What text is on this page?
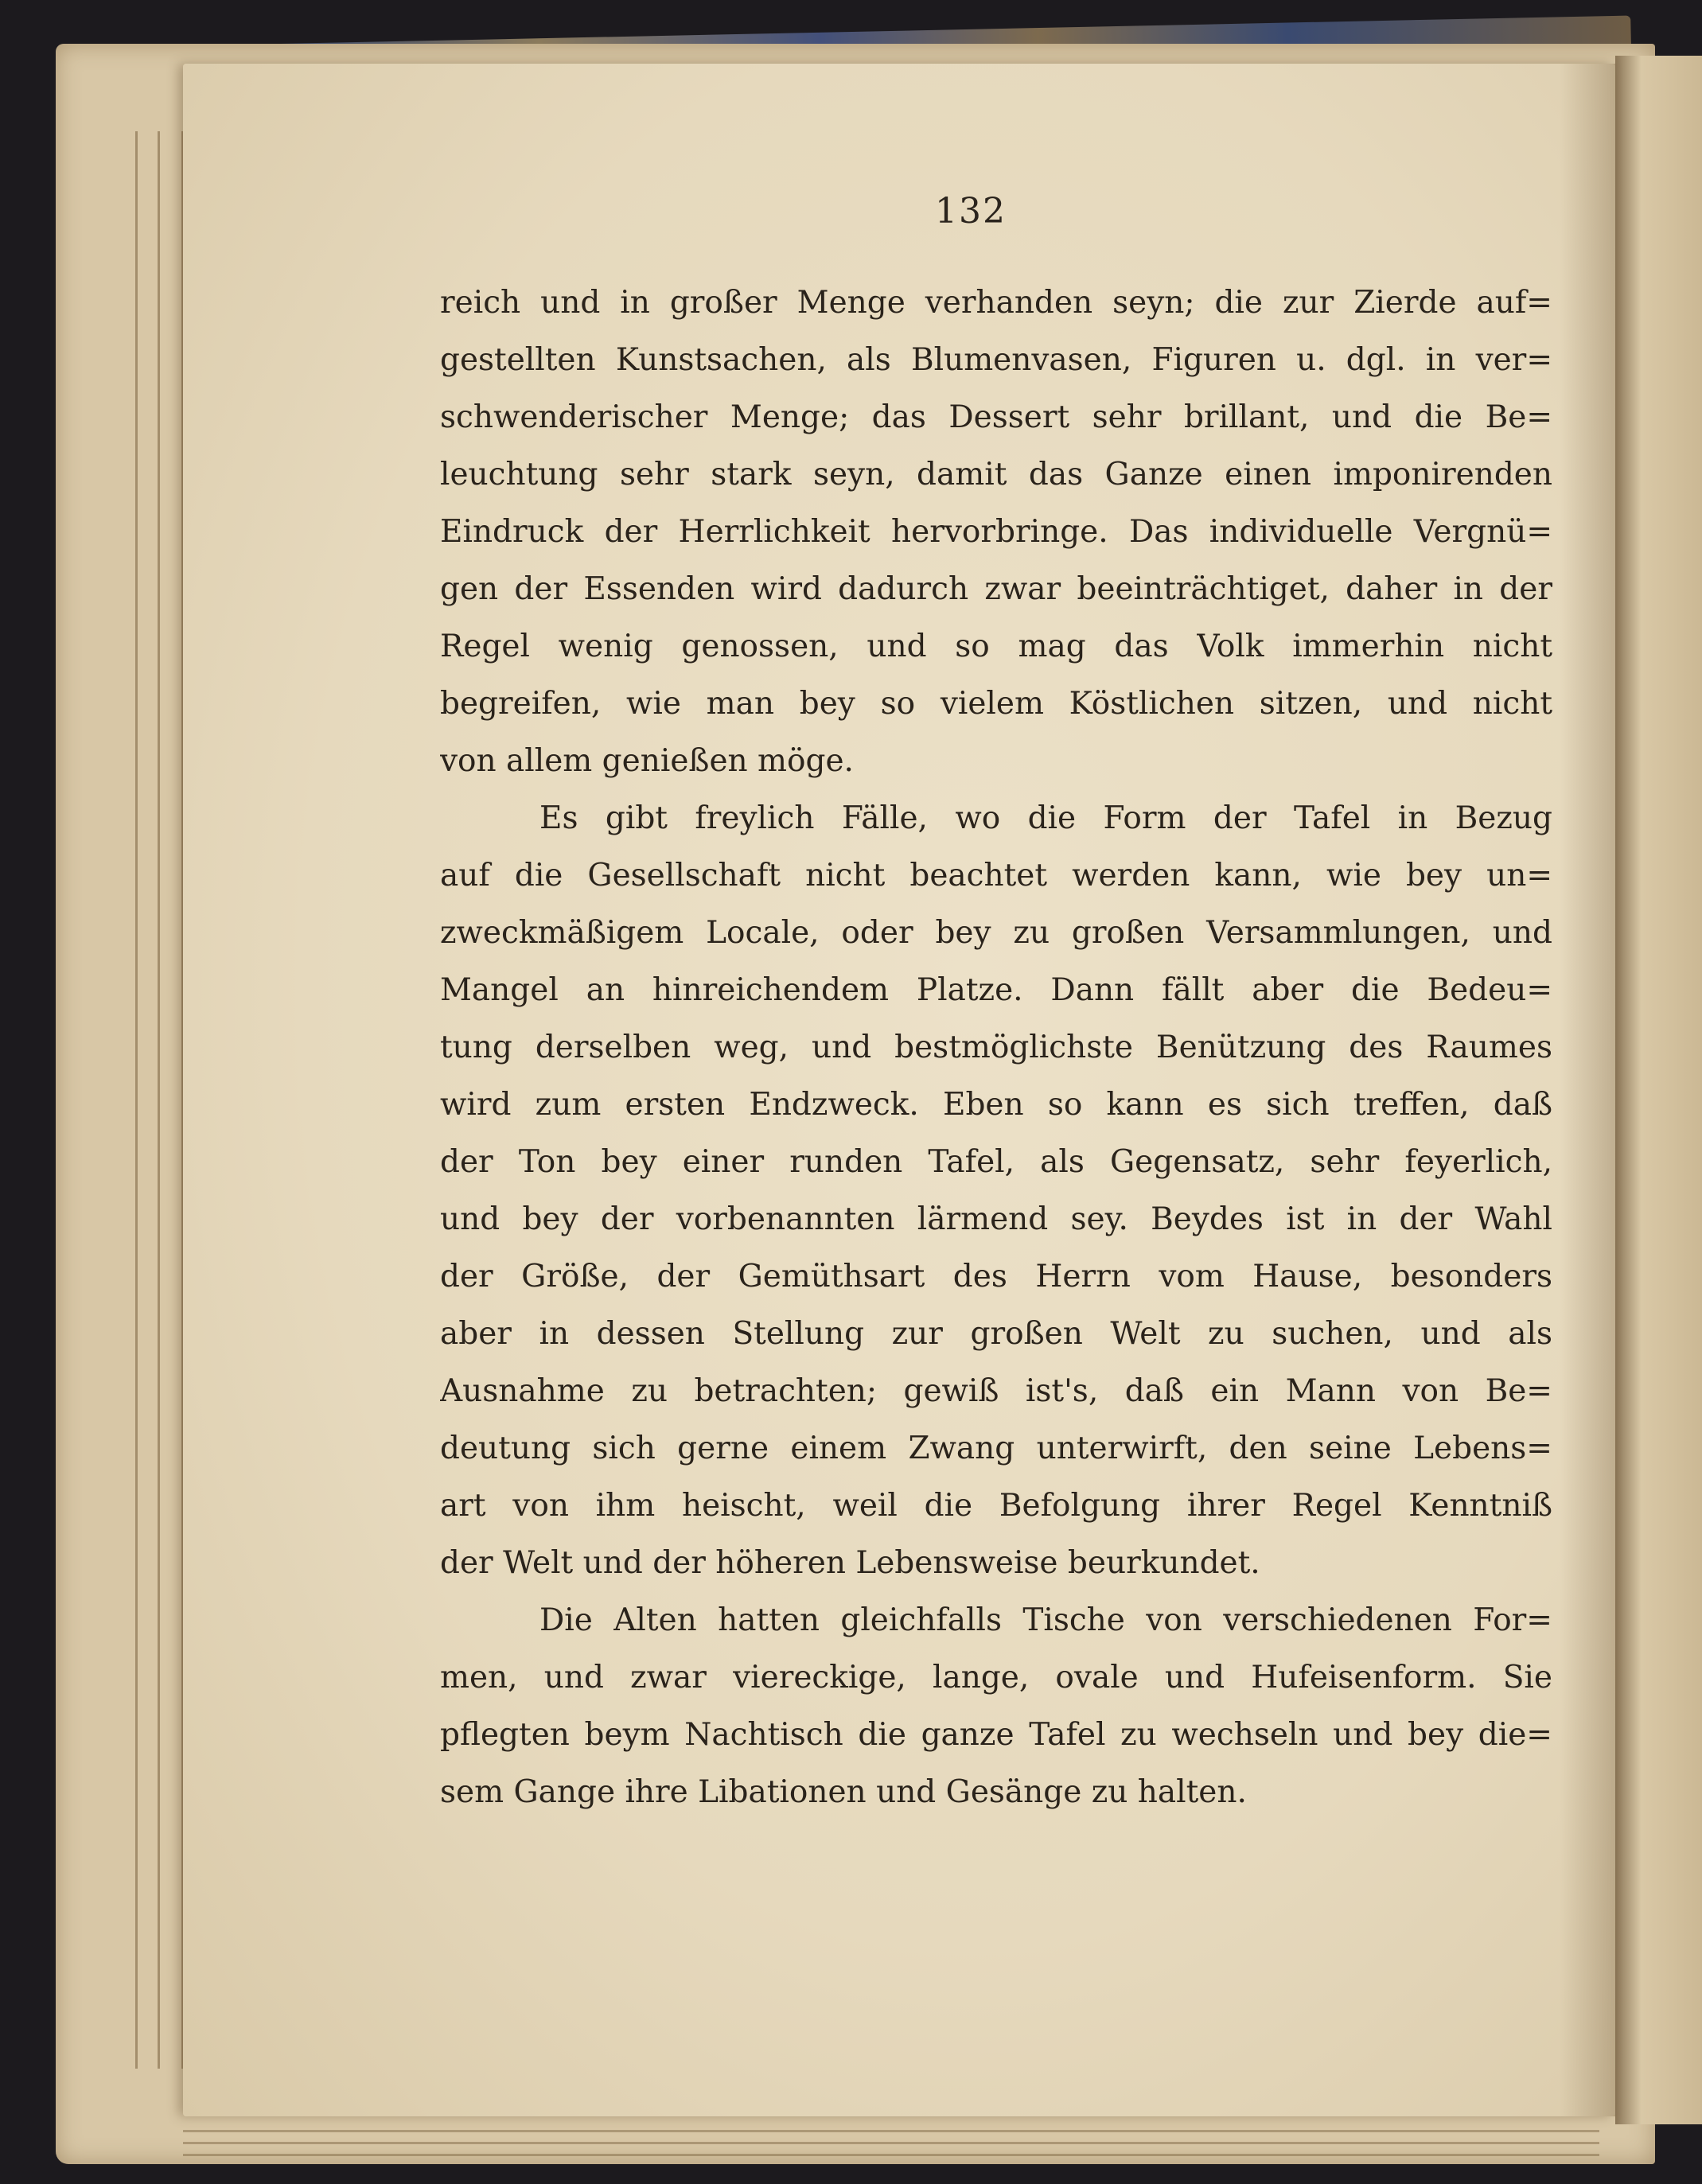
132
reich und in großer Menge verhanden seyn; die zur Zierde auf=
gestellten Kunstsachen, als Blumenvasen, Figuren u. dgl. in ver=
schwenderischer Menge; das Dessert sehr brillant, und die Be=
leuchtung sehr stark seyn, damit das Ganze einen imponirenden
Eindruck der Herrlichkeit hervorbringe. Das individuelle Vergnü=
gen der Essenden wird dadurch zwar beeinträchtiget, daher in der
Regel wenig genossen, und so mag das Volk immerhin nicht
begreifen, wie man bey so vielem Köstlichen sitzen, und nicht
von allem genießen möge.
Es gibt freylich Fälle, wo die Form der Tafel in Bezug
auf die Gesellschaft nicht beachtet werden kann, wie bey un=
zweckmäßigem Locale, oder bey zu großen Versammlungen, und
Mangel an hinreichendem Platze. Dann fällt aber die Bedeu=
tung derselben weg, und bestmöglichste Benützung des Raumes
wird zum ersten Endzweck. Eben so kann es sich treffen, daß
der Ton bey einer runden Tafel, als Gegensatz, sehr feyerlich,
und bey der vorbenannten lärmend sey. Beydes ist in der Wahl
der Größe, der Gemüthsart des Herrn vom Hause, besonders
aber in dessen Stellung zur großen Welt zu suchen, und als
Ausnahme zu betrachten; gewiß ist's, daß ein Mann von Be=
deutung sich gerne einem Zwang unterwirft, den seine Lebens=
art von ihm heischt, weil die Befolgung ihrer Regel Kenntniß
der Welt und der höheren Lebensweise beurkundet.
Die Alten hatten gleichfalls Tische von verschiedenen For=
men, und zwar viereckige, lange, ovale und Hufeisenform. Sie
pflegten beym Nachtisch die ganze Tafel zu wechseln und bey die=
sem Gange ihre Libationen und Gesänge zu halten.
